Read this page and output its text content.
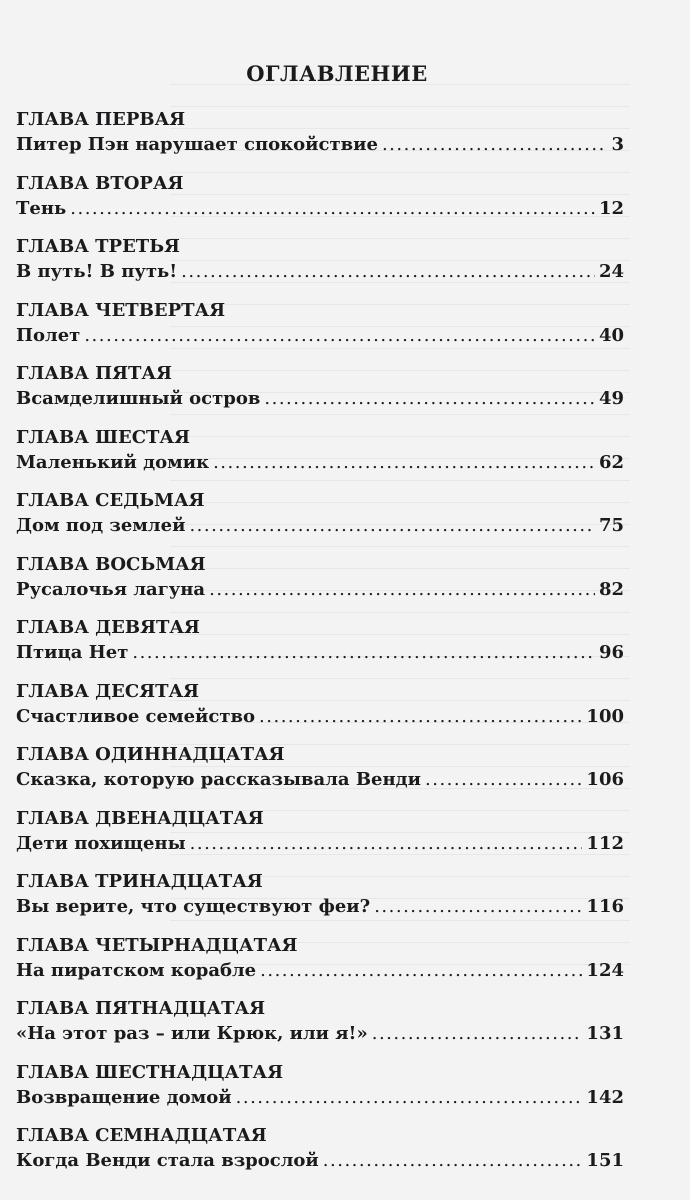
ОГЛАВЛЕНИЕ
ГЛАВА ПЕРВАЯ
Питер Пэн нарушает спокойствие .....	3
ГЛАВА ВТОРАЯ
Тень .....	12
ГЛАВА ТРЕТЬЯ
В путь! В путь! .....	24
ГЛАВА ЧЕТВЕРТАЯ
Полет .....	40
ГЛАВА ПЯТАЯ
Всамделишный остров .....	49
ГЛАВА ШЕСТАЯ
Маленький домик .....	62
ГЛАВА СЕДЬМАЯ
Дом под землей .....	75
ГЛАВА ВОСЬМАЯ
Русалочья лагуна .....	82
ГЛАВА ДЕВЯТАЯ
Птица Нет .....	96
ГЛАВА ДЕСЯТАЯ
Счастливое семейство .....	100
ГЛАВА ОДИННАДЦАТАЯ
Сказка, которую рассказывала Венди .....	106
ГЛАВА ДВЕНАДЦАТАЯ
Дети похищены .....	112
ГЛАВА ТРИНАДЦАТАЯ
Вы верите, что существуют феи? .....	116
ГЛАВА ЧЕТЫРНАДЦАТАЯ
На пиратском корабле .....	124
ГЛАВА ПЯТНАДЦАТАЯ
«На этот раз – или Крюк, или я!» .....	131
ГЛАВА ШЕСТНАДЦАТАЯ
Возвращение домой .....	142
ГЛАВА СЕМНАДЦАТАЯ
Когда Венди стала взрослой .....	151
